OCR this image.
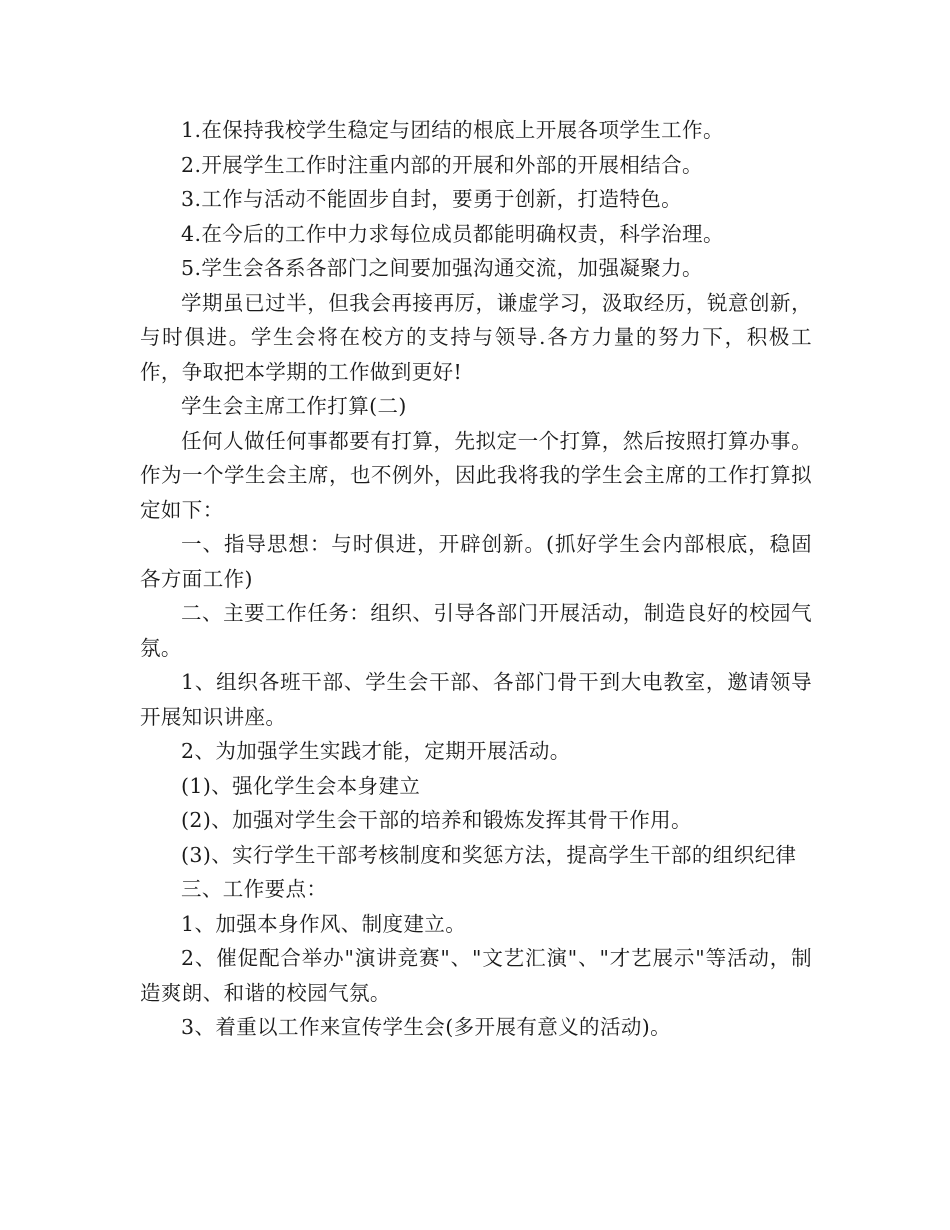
1.在保持我校学生稳定与团结的根底上开展各项学生工作。

2.开展学生工作时注重内部的开展和外部的开展相结合。

3.工作与活动不能固步自封，要勇于创新，打造特色。

4.在今后的工作中力求每位成员都能明确权责，科学治理。

5.学生会各系各部门之间要加强沟通交流，加强凝聚力。

学期虽已过半，但我会再接再厉，谦虚学习，汲取经历，锐意创新，与时俱进。学生会将在校方的支持与领导.各方力量的努力下，积极工作，争取把本学期的工作做到更好!

学生会主席工作打算(二)

任何人做任何事都要有打算，先拟定一个打算，然后按照打算办事。作为一个学生会主席，也不例外，因此我将我的学生会主席的工作打算拟定如下：

一、指导思想：与时俱进，开辟创新。(抓好学生会内部根底，稳固各方面工作)

二、主要工作任务：组织、引导各部门开展活动，制造良好的校园气氛。

1、组织各班干部、学生会干部、各部门骨干到大电教室，邀请领导开展知识讲座。

2、为加强学生实践才能，定期开展活动。

(1)、强化学生会本身建立

(2)、加强对学生会干部的培养和锻炼发挥其骨干作用。

(3)、实行学生干部考核制度和奖惩方法，提高学生干部的组织纪律

三、工作要点：

1、加强本身作风、制度建立。

2、催促配合举办"演讲竞赛"、"文艺汇演"、"才艺展示"等活动，制造爽朗、和谐的校园气氛。

3、着重以工作来宣传学生会(多开展有意义的活动)。
